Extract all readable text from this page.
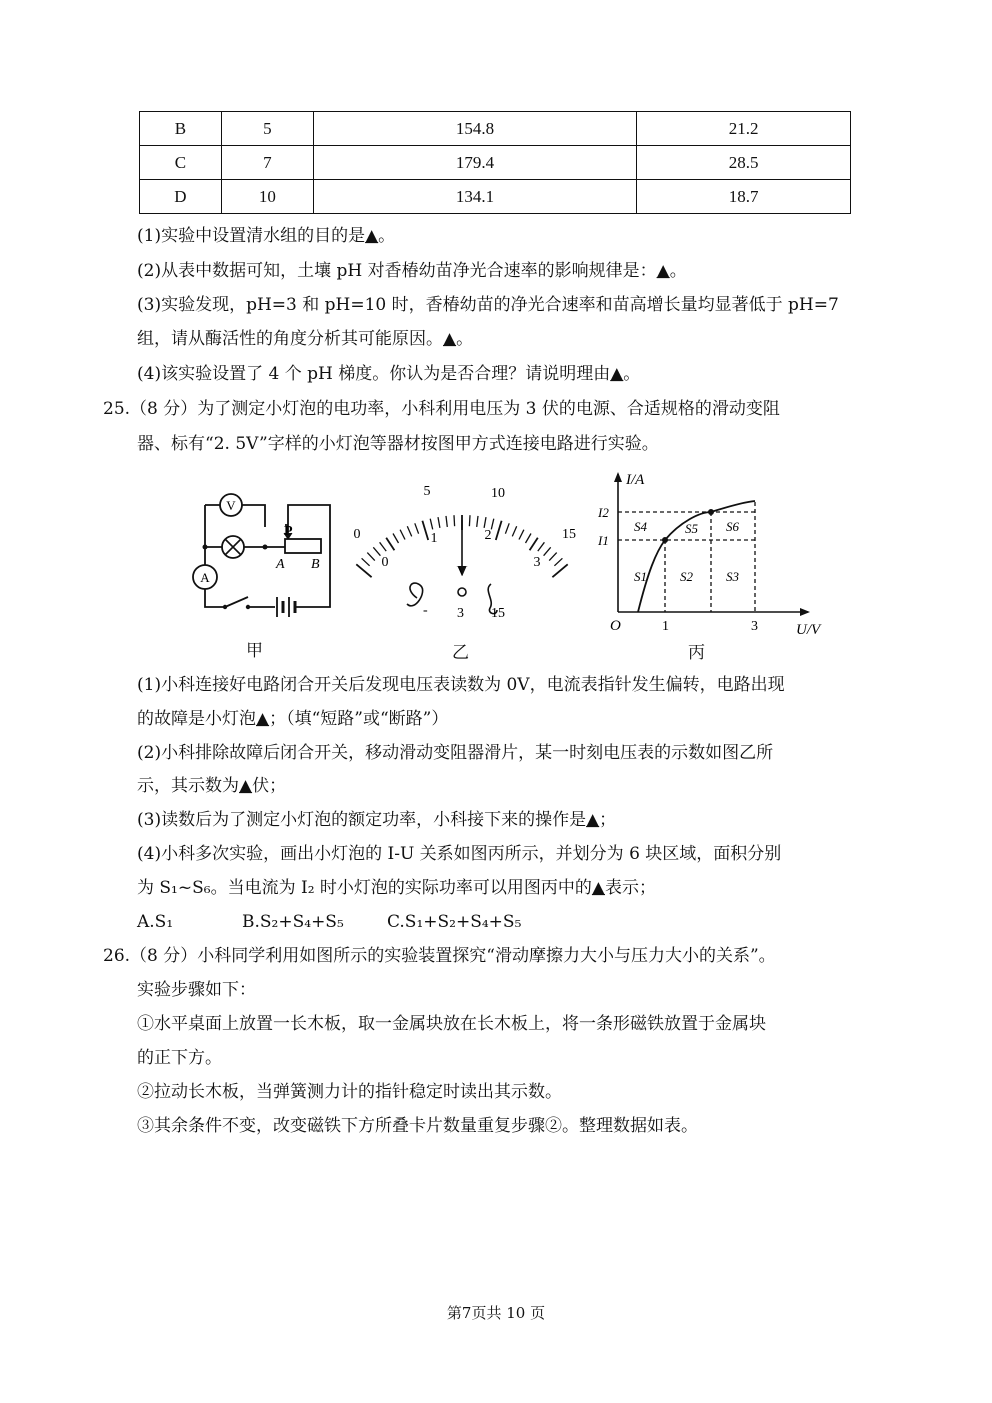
B	5	154.8	21.2
C	7	179.4	28.5
D	10	134.1	18.7
(1)实验中设置清水组的目的是▲。
(2)从表中数据可知，土壤 pH 对香椿幼苗净光合速率的影响规律是：▲。
(3)实验发现，pH=3 和 pH=10 时，香椿幼苗的净光合速率和苗高增长量均显著低于 pH=7
组，请从酶活性的角度分析其可能原因。▲。
(4)该实验设置了 4 个 pH 梯度。你认为是否合理？请说明理由▲。
25.（8 分）为了测定小灯泡的电功率，小科利用电压为 3 伏的电源、合适规格的滑动变阻
器、标有“2. 5V”字样的小灯泡等器材按图甲方式连接电路进行实验。
V
A
P
A B
甲
5	10
0	15
0
1	2
3
V
- 3 15
乙
I/A
U/V
O	1	3
I2
I1
S4	S5 S6
S1	S2	S3
丙
(1)小科连接好电路闭合开关后发现电压表读数为 0V，电流表指针发生偏转，电路出现
的故障是小灯泡▲；（填“短路”或“断路”）
(2)小科排除故障后闭合开关，移动滑动变阻器滑片，某一时刻电压表的示数如图乙所
示，其示数为▲伏；
(3)读数后为了测定小灯泡的额定功率，小科接下来的操作是▲；
(4)小科多次实验，画出小灯泡的 I-U 关系如图丙所示，并划分为 6 块区域，面积分别
为 S₁~S₆。当电流为 I₂ 时小灯泡的实际功率可以用图丙中的▲表示；
A.S₁	B.S₂+S₄+S₅	C.S₁+S₂+S₄+S₅
26.（8 分）小科同学利用如图所示的实验装置探究“滑动摩擦力大小与压力大小的关系”。
实验步骤如下：
①水平桌面上放置一长木板，取一金属块放在长木板上，将一条形磁铁放置于金属块
的正下方。
②拉动长木板，当弹簧测力计的指针稳定时读出其示数。
③其余条件不变，改变磁铁下方所叠卡片数量重复步骤②。整理数据如表。
第7页共 10 页
